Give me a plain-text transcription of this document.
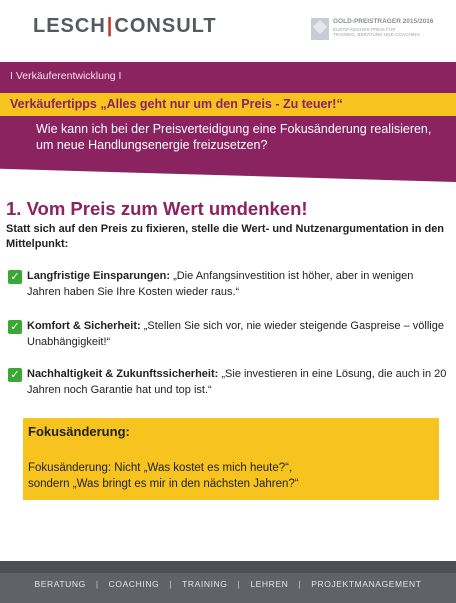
LESCH|CONSULT	GOLD-PREISTRÄGER 2015/2016
EUROPÄISCHER PREIS FÜR
TRAINING, BERATUNG UND COACHING
I Verkäuferentwicklung I
Verkäufertipps „Alles geht nur um den Preis - Zu teuer!“
Wie kann ich bei der Preisverteidigung eine Fokusänderung realisieren, um neue Handlungsenergie freizusetzen?
1. Vom Preis zum Wert umdenken!
Statt sich auf den Preis zu fixieren, stelle die Wert- und Nutzenargumentation in den Mittelpunkt:
✓ Langfristige Einsparungen: „Die Anfangsinvestition ist höher, aber in wenigen Jahren haben Sie Ihre Kosten wieder raus.“
✓ Komfort & Sicherheit: „Stellen Sie sich vor, nie wieder steigende Gaspreise – völlige Unabhängigkeit!“
✓ Nachhaltigkeit & Zukunftssicherheit: „Sie investieren in eine Lösung, die auch in 20 Jahren noch Garantie hat und top ist.“
Fokusänderung:
Fokusänderung: Nicht „Was kostet es mich heute?“,
sondern „Was bringt es mir in den nächsten Jahren?“
BERATUNG | COACHING | TRAINING | LEHREN | PROJEKTMANAGEMENT
